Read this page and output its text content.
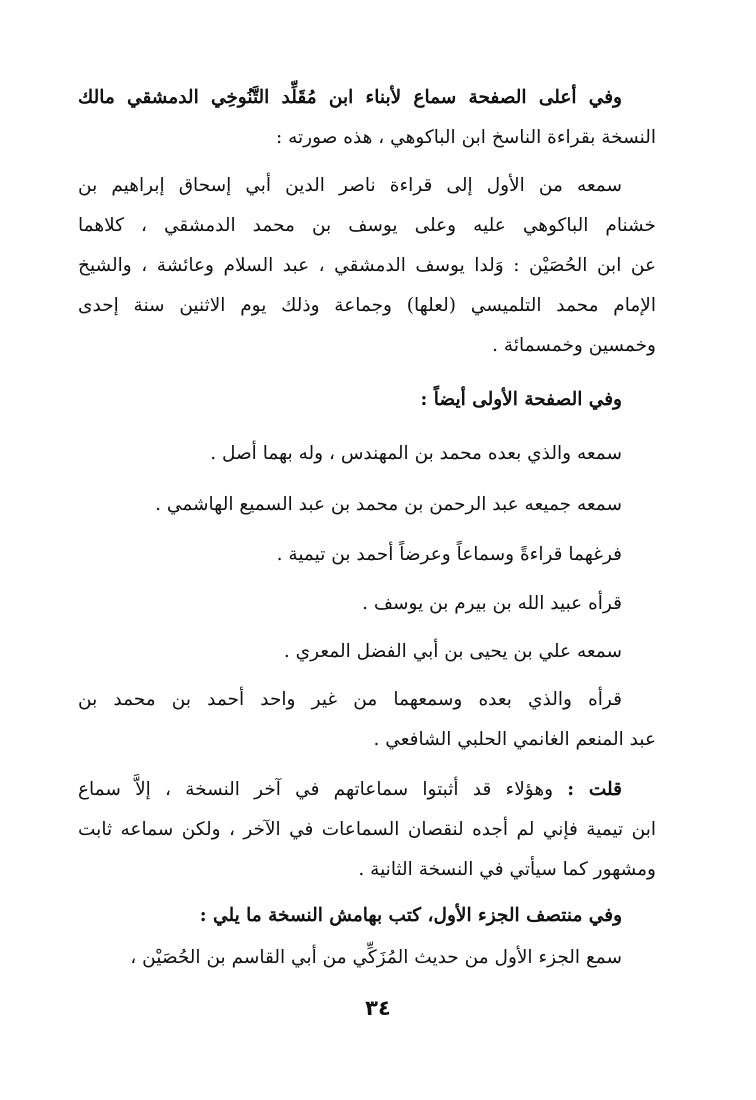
وفي أعلى الصفحة سماع لأبناء ابن مُقَلِّد التَّنُوخِي الدمشقي مالك
النسخة بقراءة الناسخ ابن الباكوهي ، هذه صورته :
سمعه من الأول إلى قراءة ناصر الدين أبي إسحاق إبراهيم بن
خشنام الباكوهي عليه وعلى يوسف بن محمد الدمشقي ، كلاهما
عن ابن الحُصَيْن : وَلدا يوسف الدمشقي ، عبد السلام وعائشة ، والشيخ
الإمام محمد التلميسي (لعلها) وجماعة وذلك يوم الاثنين سنة إحدى
وخمسين وخمسمائة .
وفي الصفحة الأولى أيضاً :
سمعه والذي بعده محمد بن المهندس ، وله بهما أصل .
سمعه جميعه عبد الرحمن بن محمد بن عبد السميع الهاشمي .
فرغهما قراءةً وسماعاً وعرضاً أحمد بن تيمية .
قرأه عبيد الله بن بيرم بن يوسف .
سمعه علي بن يحيى بن أبي الفضل المعري .
قرأه والذي بعده وسمعهما من غير واحد أحمد بن محمد بن
عبد المنعم الغانمي الحلبي الشافعي .
قلت : وهؤلاء قد أثبتوا سماعاتهم في آخر النسخة ، إلاَّ سماع
ابن تيمية فإني لم أجده لنقصان السماعات في الآخر ، ولكن سماعه ثابت
ومشهور كما سيأتي في النسخة الثانية .
وفي منتصف الجزء الأول، كتب بهامش النسخة ما يلي :
سمع الجزء الأول من حديث المُزَكِّي من أبي القاسم بن الحُصَيْن ،
٣٤
